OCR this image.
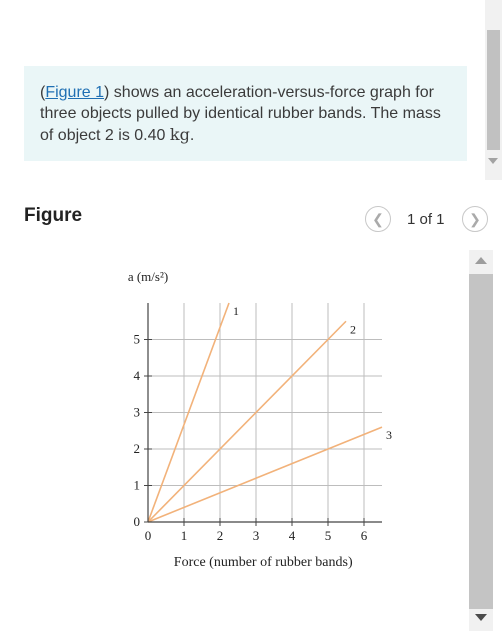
(Figure 1) shows an acceleration-versus-force graph for three objects pulled by identical rubber bands. The mass of object 2 is 0.40 kg.
Figure	❮	1 of 1	❯
1
2
3
0 1 2 3 4 5 6
0
1
2
3
4
5
a (m/s²)
Force (number of rubber bands)
